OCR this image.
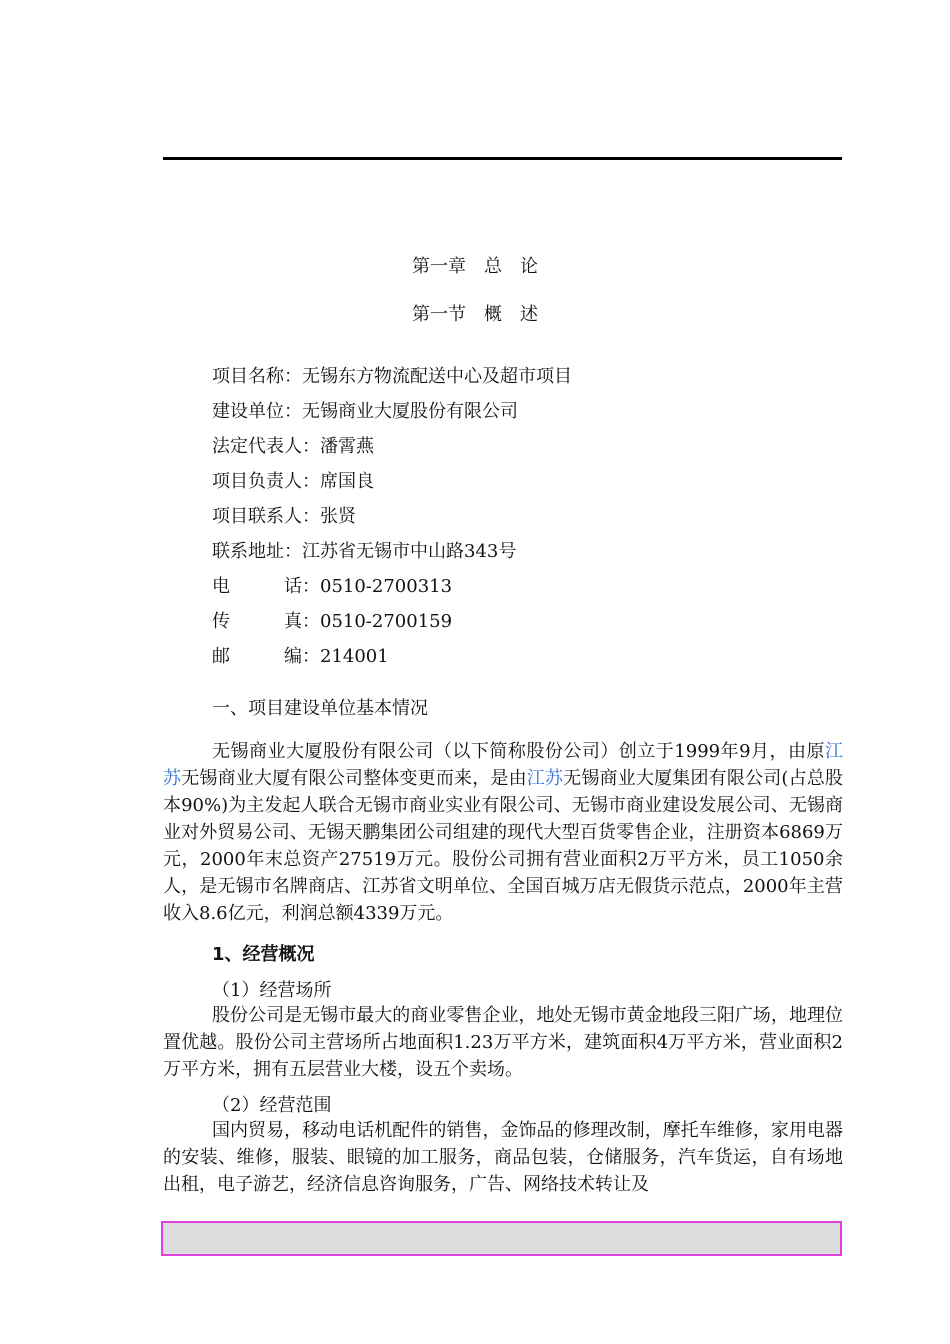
第一章　总　论
第一节　概　述
项目名称：无锡东方物流配送中心及超市项目
建设单位：无锡商业大厦股份有限公司
法定代表人：潘霄燕
项目负责人：席国良
项目联系人：张贤
联系地址：江苏省无锡市中山路343号
电	话：0510-2700313
传	真：0510-2700159
邮	编：214001
一、项目建设单位基本情况
无锡商业大厦股份有限公司（以下简称股份公司）创立于1999年9月，由原江苏无锡商业大厦有限公司整体变更而来，是由江苏无锡商业大厦集团有限公司(占总股本90%)为主发起人联合无锡市商业实业有限公司、无锡市商业建设发展公司、无锡商业对外贸易公司、无锡天鹏集团公司组建的现代大型百货零售企业，注册资本6869万元，2000年末总资产27519万元。股份公司拥有营业面积2万平方米，员工1050余人，是无锡市名牌商店、江苏省文明单位、全国百城万店无假货示范点，2000年主营收入8.6亿元，利润总额4339万元。
1、经营概况
（1）经营场所
股份公司是无锡市最大的商业零售企业，地处无锡市黄金地段三阳广场，地理位置优越。股份公司主营场所占地面积1.23万平方米，建筑面积4万平方米，营业面积2万平方米，拥有五层营业大楼，设五个卖场。
（2）经营范围
国内贸易，移动电话机配件的销售，金饰品的修理改制，摩托车维修，家用电器的安装、维修，服装、眼镜的加工服务，商品包装，仓储服务，汽车货运，自有场地出租，电子游艺，经济信息咨询服务，广告、网络技术转让及
